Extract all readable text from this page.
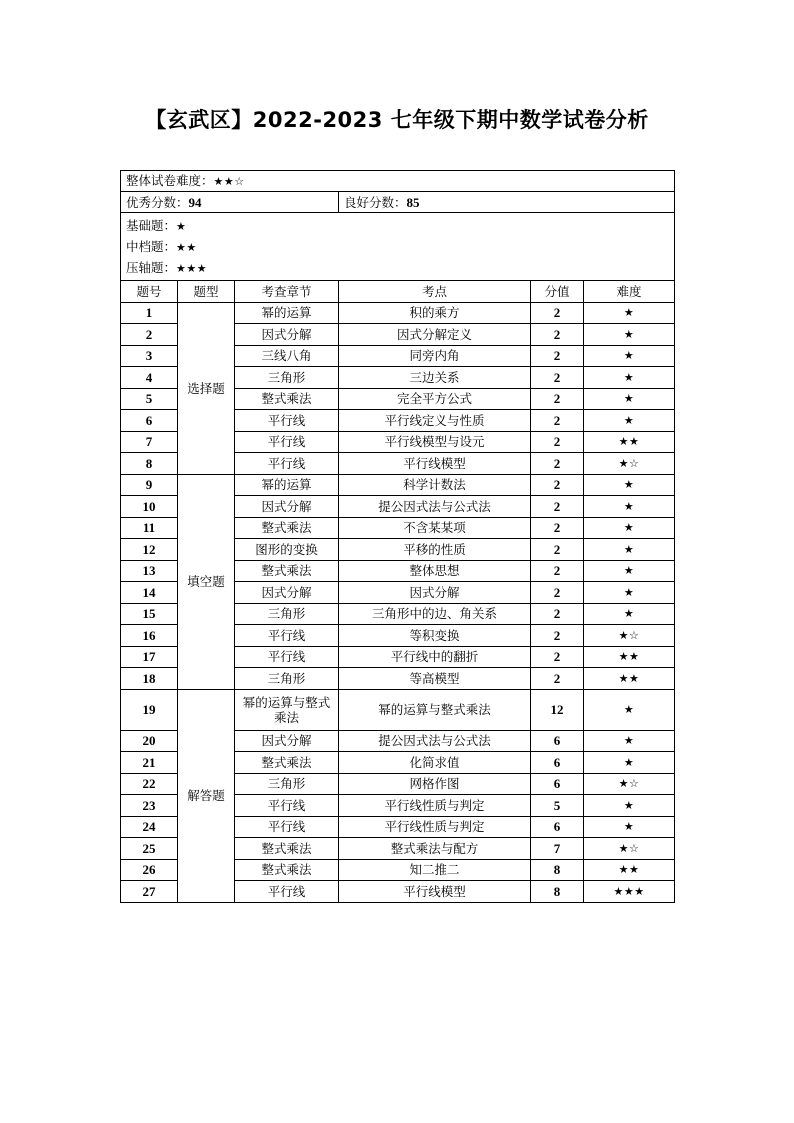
【玄武区】2022-2023 七年级下期中数学试卷分析
整体试卷难度：★★☆					
优秀分数：94			良好分数：85		

基础题：★
中档题：★★
压轴题：★★★					

题号	题型	考查章节	考点	分值	难度
1	选择题	幂的运算	积的乘方	2	★
2		因式分解	因式分解定义	2	★
3		三线八角	同旁内角	2	★
4		三角形	三边关系	2	★
5		整式乘法	完全平方公式	2	★
6		平行线	平行线定义与性质	2	★
7		平行线	平行线模型与设元	2	★★
8		平行线	平行线模型	2	★☆
9	填空题	幂的运算	科学计数法	2	★
10		因式分解	提公因式法与公式法	2	★
11		整式乘法	不含某某项	2	★
12		图形的变换	平移的性质	2	★
13		整式乘法	整体思想	2	★
14		因式分解	因式分解	2	★
15		三角形	三角形中的边、角关系	2	★
16		平行线	等积变换	2	★☆
17		平行线	平行线中的翻折	2	★★
18		三角形	等高模型	2	★★
19	解答题	幂的运算与整式乘法	幂的运算与整式乘法	12	★
20		因式分解	提公因式法与公式法	6	★
21		整式乘法	化简求值	6	★
22		三角形	网格作图	6	★☆
23		平行线	平行线性质与判定	5	★
24		平行线	平行线性质与判定	6	★
25		整式乘法	整式乘法与配方	7	★☆
26		整式乘法	知二推二	8	★★
27		平行线	平行线模型	8	★★★
